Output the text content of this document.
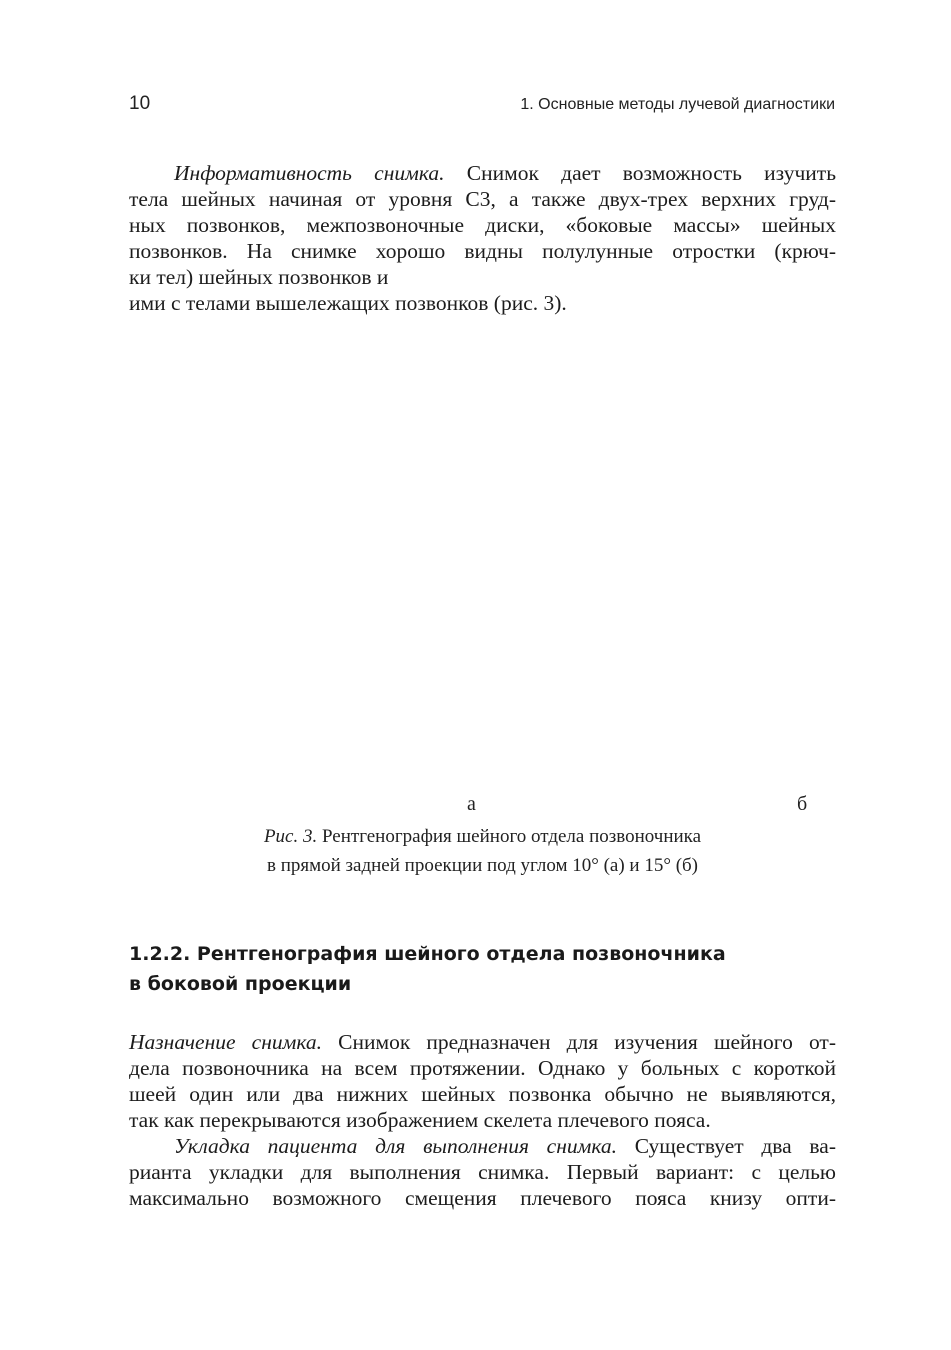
10	1. Основные методы лучевой диагностики
Информативность снимка. Снимок дает возможность изучить
тела шейных начиная от уровня С3, а также двух-трех верхних груд-
ных позвонков, межпозвоночные диски, «боковые массы» шейных
позвонков. На снимке хорошо видны полулунные отростки (крюч-
ки тел) шейных позвонков и
ими с телами вышележащих позвонков (рис. 3).
а	б
Рис. 3. Рентгенография шейного отдела позвоночника
в прямой задней проекции под углом 10° (а) и 15° (б)
1.2.2. Рентгенография шейного отдела позвоночника
в боковой проекции
Назначение снимка. Снимок предназначен для изучения шейного от-
дела позвоночника на всем протяжении. Однако у больных с короткой
шеей один или два нижних шейных позвонка обычно не выявляются,
так как перекрываются изображением скелета плечевого пояса.
Укладка пациента для выполнения снимка. Существует два ва-
рианта укладки для выполнения снимка. Первый вариант: с целью
максимально возможного смещения плечевого пояса книзу опти-
